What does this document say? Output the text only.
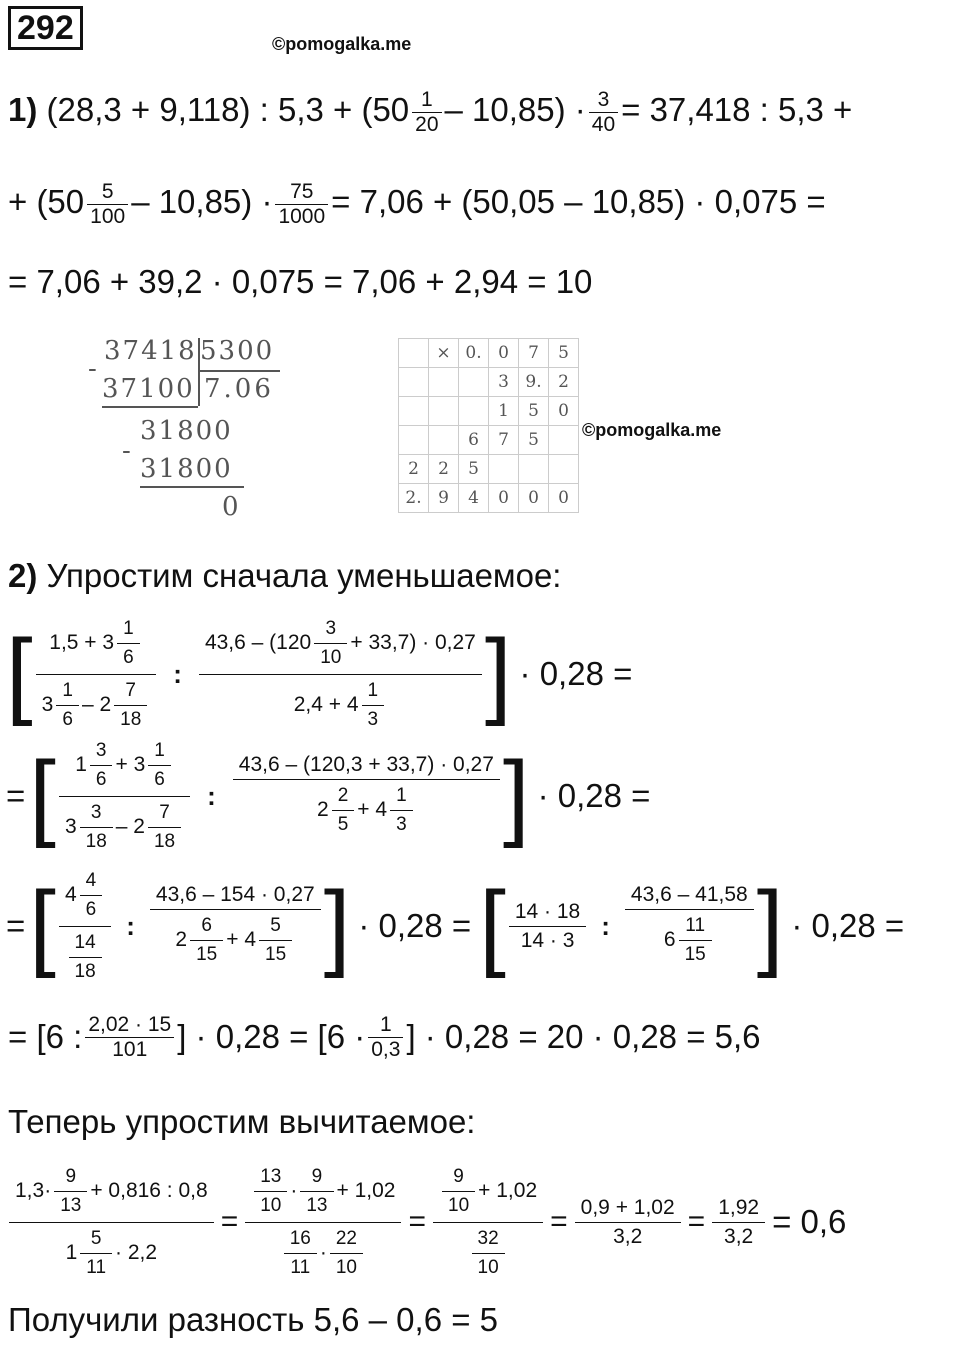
292	©pomogalka.me
1) (28,3 + 9,118) : $5,3 + (50 \frac{1}{20} - 10,85) \cdot \frac{3}{40} = 37,418$ : 5,3 +
+ $(50 \frac{5}{100} - 10,85) \cdot \frac{75}{1000} = 7,06 + (50,05 - 10,85) \cdot 0,075$ =
= 7,06 + 39,2 · 0,075 = 7,06 + 2,94 = 10
37418 5300
-
37100 7.06
31800
-
31800
0
	×	0.	0	7	5
			3	9.	2
			1	5	0
		6	7	5	
2	2	5			
2.	9	4	0	0	0
©pomogalka.me
2) Упростим сначала уменьшаемое:
[ $\frac{1,5 + 3 \frac{1}{6}}{3 \frac{1}{6} - 2 \frac{7}{18}}$ : $\frac{43,6 - (120 \frac{3}{10} + 33,7) \cdot 0,27}{2,4 + 4 \frac{1}{3}}$ ] · 0,28 =
= [ $\frac{1 \frac{3}{6} + 3 \frac{1}{6}}{3 \frac{3}{18} - 2 \frac{7}{18}}$ : $\frac{43,6 - (120,3 + 33,7) \cdot 0,27}{2 \frac{2}{5} + 4 \frac{1}{3}}$ ] · 0,28 =
= [ $\frac{4 \frac{4}{6}}{\frac{14}{18}}$ : $\frac{43,6 - 154 \cdot 0,27}{2 \frac{6}{15} + 4 \frac{5}{15}}$ ] · 0,28 = [ $\frac{14 \cdot 18}{14 \cdot 3}$ : $\frac{43,6 - 41,58}{6 \frac{11}{15}}$ ] · 0,28 =
= [6 : $\frac{2,02 \cdot 15}{101}$ ] · $0,28 = [6 \cdot \frac{1}{0,3}$ ] · 0,28 = 20 · 0,28 = 5,6
Теперь упростим вычитаемое:
$\frac{1,3\cdot \frac{9}{13} + 0,816 : 0,8}{1 \frac{5}{11} \cdot 2,2} = \frac{\frac{13}{10} \cdot \frac{9}{13} + 1,02}{\frac{16}{11} \cdot \frac{22}{10}} = \frac{\frac{9}{10} + 1,02}{\frac{32}{10}} = \frac{0,9 + 1,02}{3,2} = \frac{1,92}{3,2} = 0,6$
Получили разность 5,6 – 0,6 = 5
